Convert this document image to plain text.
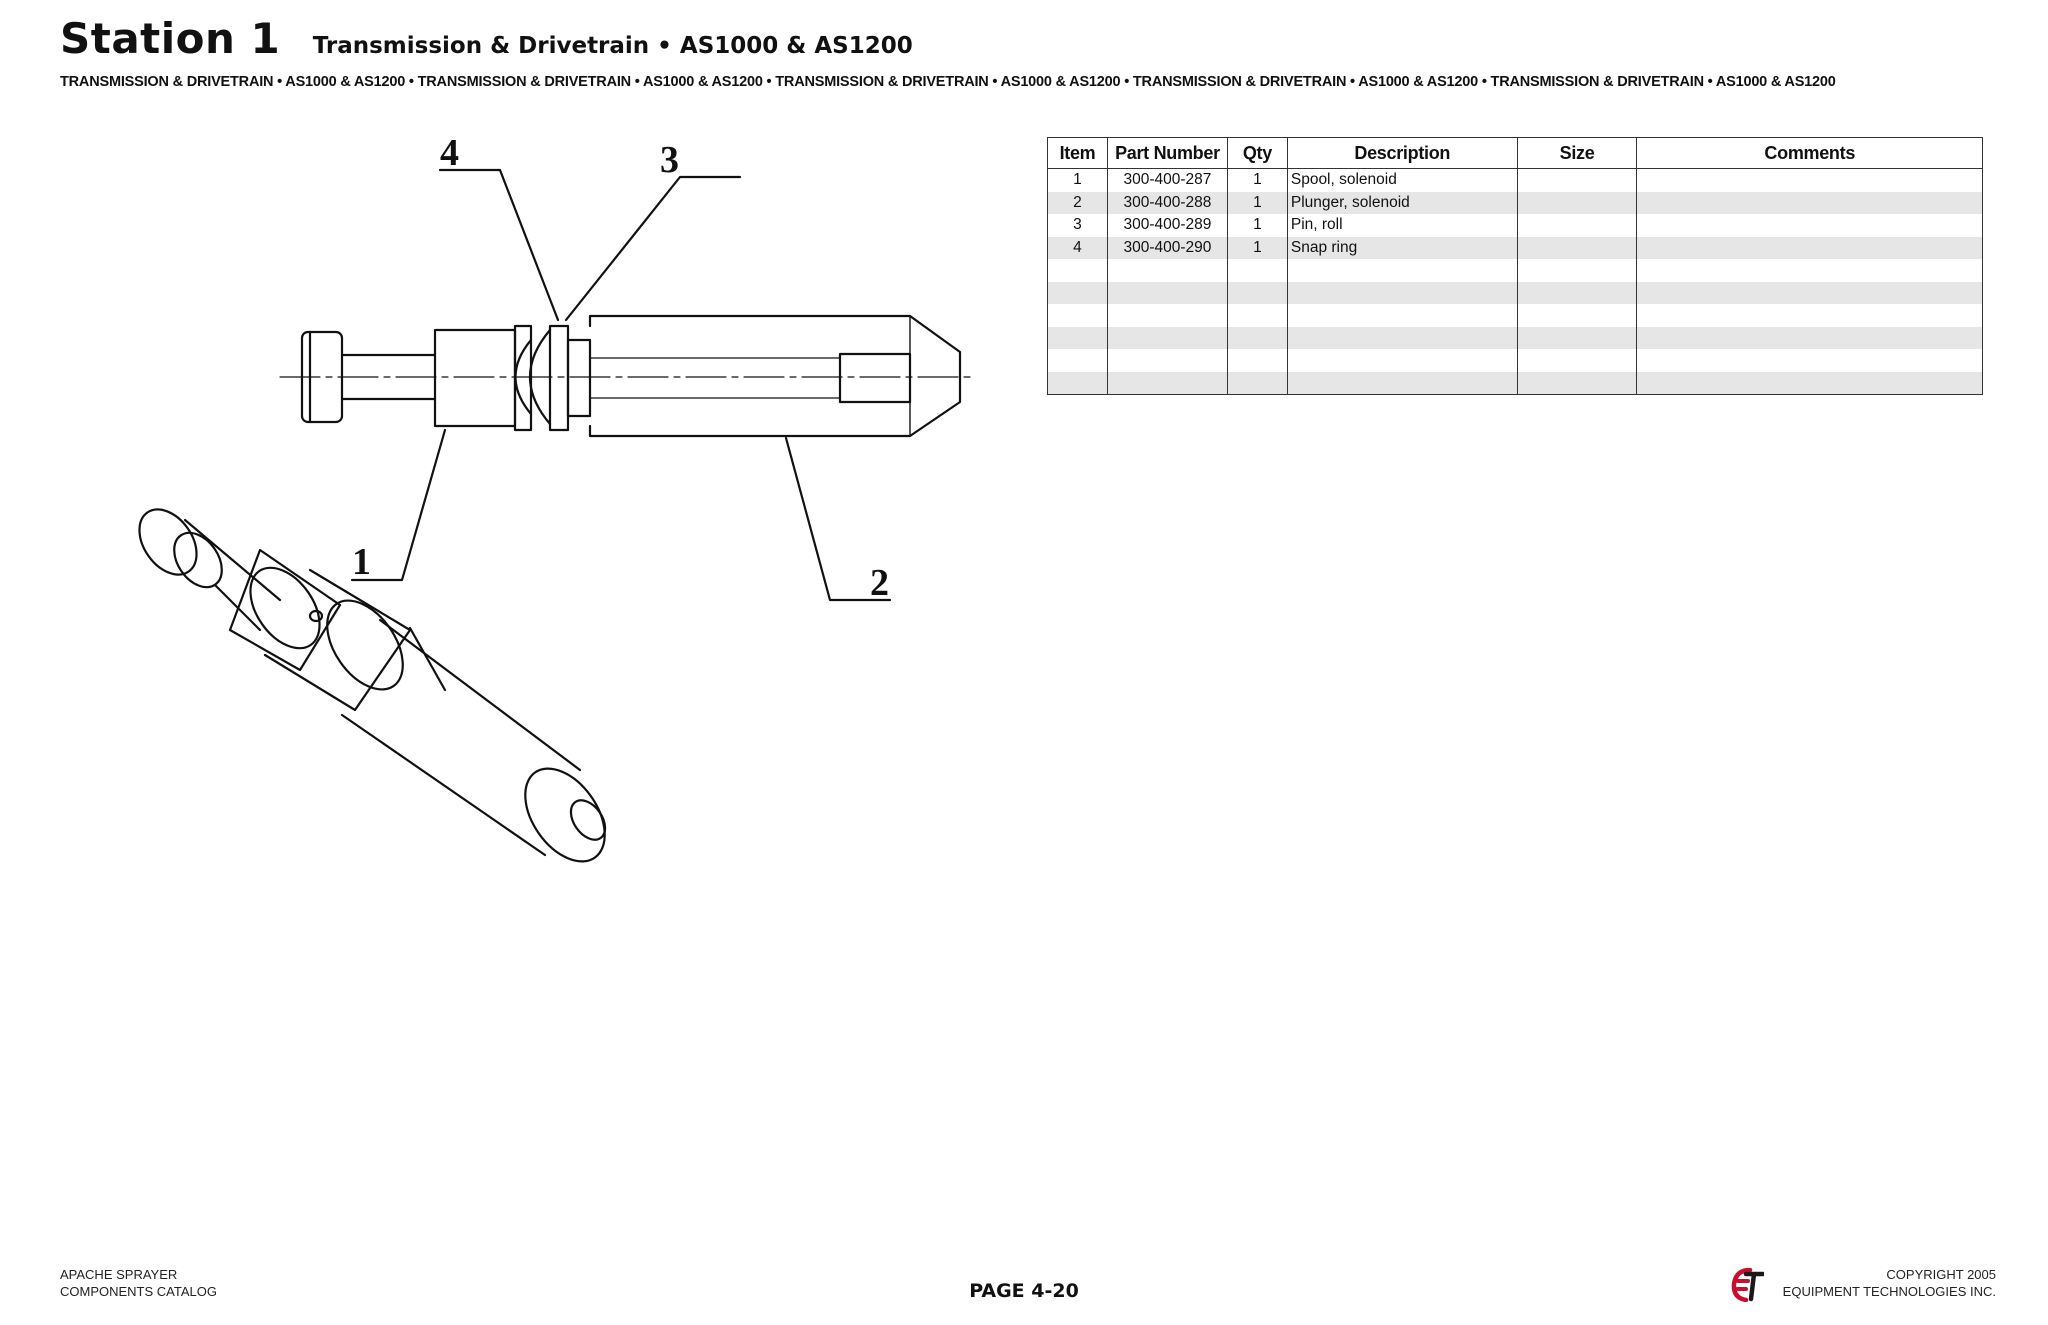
Station 1 Transmission & Drivetrain • AS1000 & AS1200
TRANSMISSION & DRIVETRAIN • AS1000 & AS1200 • TRANSMISSION & DRIVETRAIN • AS1000 & AS1200 • TRANSMISSION & DRIVETRAIN • AS1000 & AS1200 • TRANSMISSION & DRIVETRAIN • AS1000 & AS1200 • TRANSMISSION & DRIVETRAIN • AS1000 & AS1200
4	3
1	2
Item	Part Number	Qty	Description	Size	Comments
1	300-400-287	1	Spool, solenoid		
2	300-400-288	1	Plunger, solenoid		
3	300-400-289	1	Pin, roll		
4	300-400-290	1	Snap ring		

APACHE SPRAYER
COMPONENTS CATALOG	PAGE 4-20
COPYRIGHT 2005
EQUIPMENT TECHNOLOGIES INC.
